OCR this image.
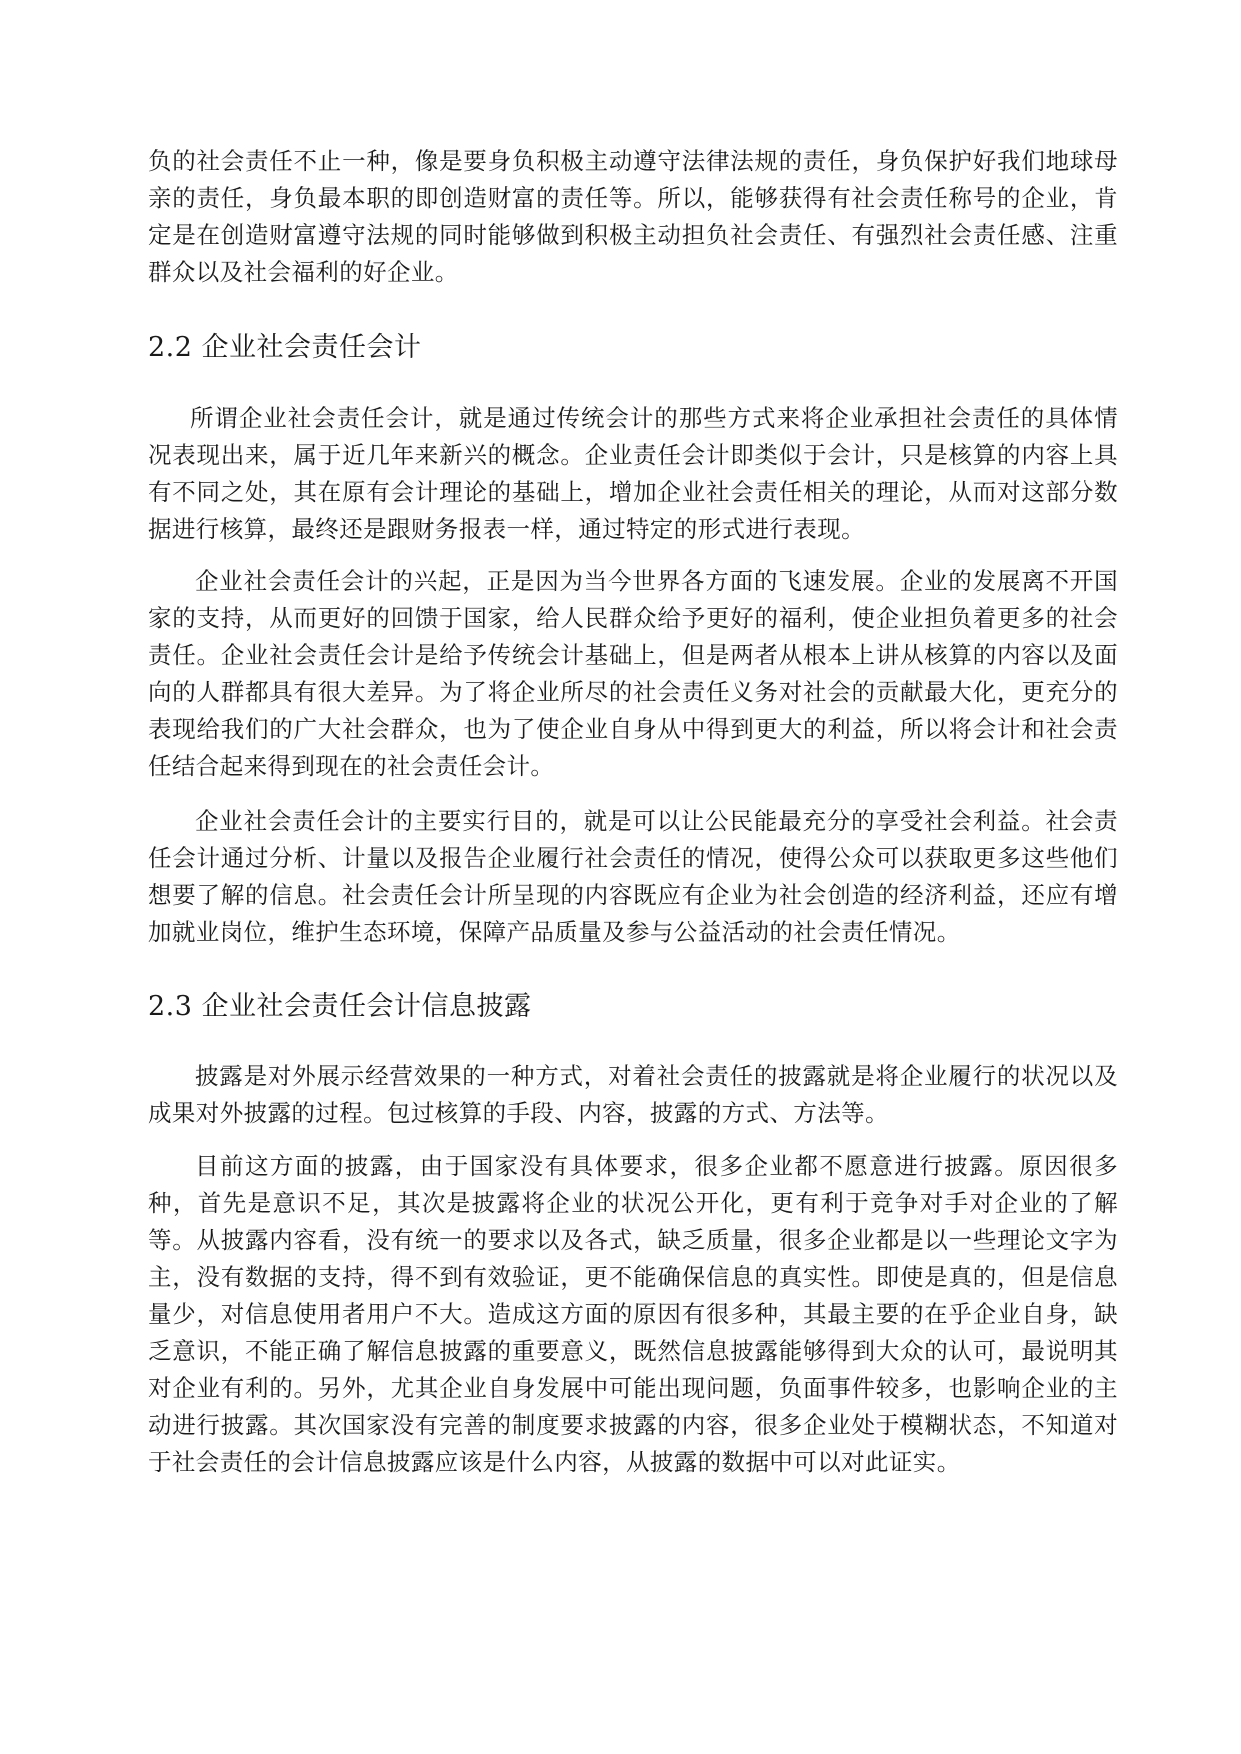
负的社会责任不止一种，像是要身负积极主动遵守法律法规的责任，身负保护好我们地球母亲的责任，身负最本职的即创造财富的责任等。所以，能够获得有社会责任称号的企业，肯定是在创造财富遵守法规的同时能够做到积极主动担负社会责任、有强烈社会责任感、注重群众以及社会福利的好企业。

2.2 企业社会责任会计

所谓企业社会责任会计，就是通过传统会计的那些方式来将企业承担社会责任的具体情况表现出来，属于近几年来新兴的概念。企业责任会计即类似于会计，只是核算的内容上具有不同之处，其在原有会计理论的基础上，增加企业社会责任相关的理论，从而对这部分数据进行核算，最终还是跟财务报表一样，通过特定的形式进行表现。

企业社会责任会计的兴起，正是因为当今世界各方面的飞速发展。企业的发展离不开国家的支持，从而更好的回馈于国家，给人民群众给予更好的福利，使企业担负着更多的社会责任。企业社会责任会计是给予传统会计基础上，但是两者从根本上讲从核算的内容以及面向的人群都具有很大差异。为了将企业所尽的社会责任义务对社会的贡献最大化，更充分的表现给我们的广大社会群众，也为了使企业自身从中得到更大的利益，所以将会计和社会责任结合起来得到现在的社会责任会计。

企业社会责任会计的主要实行目的，就是可以让公民能最充分的享受社会利益。社会责任会计通过分析、计量以及报告企业履行社会责任的情况，使得公众可以获取更多这些他们想要了解的信息。社会责任会计所呈现的内容既应有企业为社会创造的经济利益，还应有增加就业岗位，维护生态环境，保障产品质量及参与公益活动的社会责任情况。

2.3 企业社会责任会计信息披露

披露是对外展示经营效果的一种方式，对着社会责任的披露就是将企业履行的状况以及成果对外披露的过程。包过核算的手段、内容，披露的方式、方法等。

目前这方面的披露，由于国家没有具体要求，很多企业都不愿意进行披露。原因很多种，首先是意识不足，其次是披露将企业的状况公开化，更有利于竞争对手对企业的了解等。从披露内容看，没有统一的要求以及各式，缺乏质量，很多企业都是以一些理论文字为主，没有数据的支持，得不到有效验证，更不能确保信息的真实性。即使是真的，但是信息量少，对信息使用者用户不大。造成这方面的原因有很多种，其最主要的在乎企业自身，缺乏意识，不能正确了解信息披露的重要意义，既然信息披露能够得到大众的认可，最说明其对企业有利的。另外，尤其企业自身发展中可能出现问题，负面事件较多，也影响企业的主动进行披露。其次国家没有完善的制度要求披露的内容，很多企业处于模糊状态，不知道对于社会责任的会计信息披露应该是什么内容，从披露的数据中可以对此证实。
